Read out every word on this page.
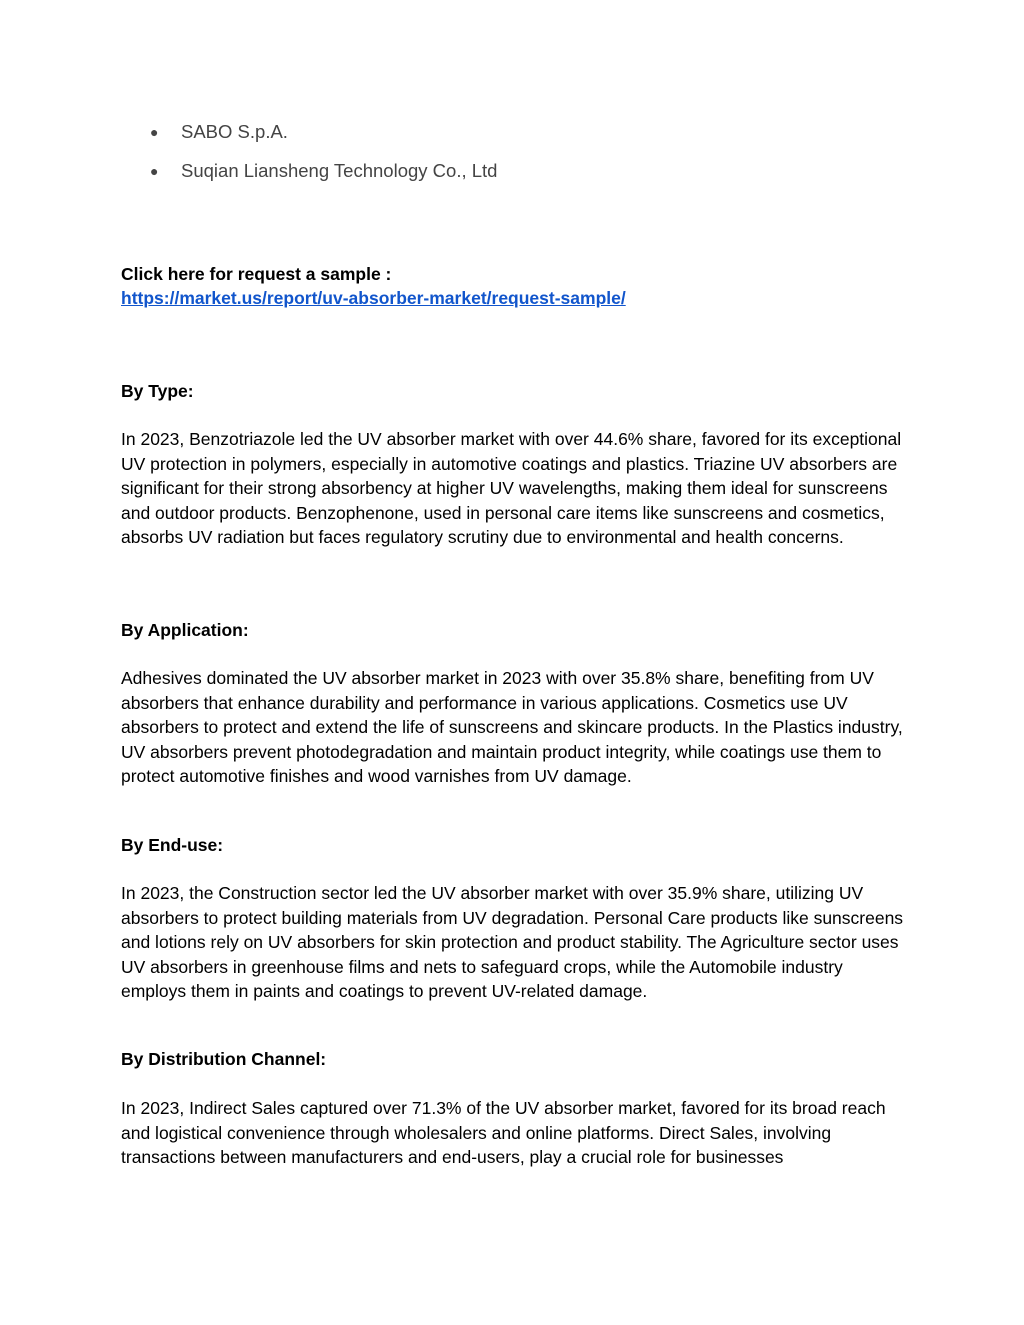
● SABO S.p.A.
● Suqian Liansheng Technology Co., Ltd
Click here for request a sample :
https://market.us/report/uv-absorber-market/request-sample/
By Type:
In 2023, Benzotriazole led the UV absorber market with over 44.6% share, favored for its exceptional UV protection in polymers, especially in automotive coatings and plastics. Triazine UV absorbers are significant for their strong absorbency at higher UV wavelengths, making them ideal for sunscreens and outdoor products. Benzophenone, used in personal care items like sunscreens and cosmetics, absorbs UV radiation but faces regulatory scrutiny due to environmental and health concerns.
By Application:
Adhesives dominated the UV absorber market in 2023 with over 35.8% share, benefiting from UV absorbers that enhance durability and performance in various applications. Cosmetics use UV absorbers to protect and extend the life of sunscreens and skincare products. In the Plastics industry, UV absorbers prevent photodegradation and maintain product integrity, while coatings use them to protect automotive finishes and wood varnishes from UV damage.
By End-use:
In 2023, the Construction sector led the UV absorber market with over 35.9% share, utilizing UV absorbers to protect building materials from UV degradation. Personal Care products like sunscreens and lotions rely on UV absorbers for skin protection and product stability. The Agriculture sector uses UV absorbers in greenhouse films and nets to safeguard crops, while the Automobile industry employs them in paints and coatings to prevent UV-related damage.
By Distribution Channel:
In 2023, Indirect Sales captured over 71.3% of the UV absorber market, favored for its broad reach and logistical convenience through wholesalers and online platforms. Direct Sales, involving transactions between manufacturers and end-users, play a crucial role for businesses
